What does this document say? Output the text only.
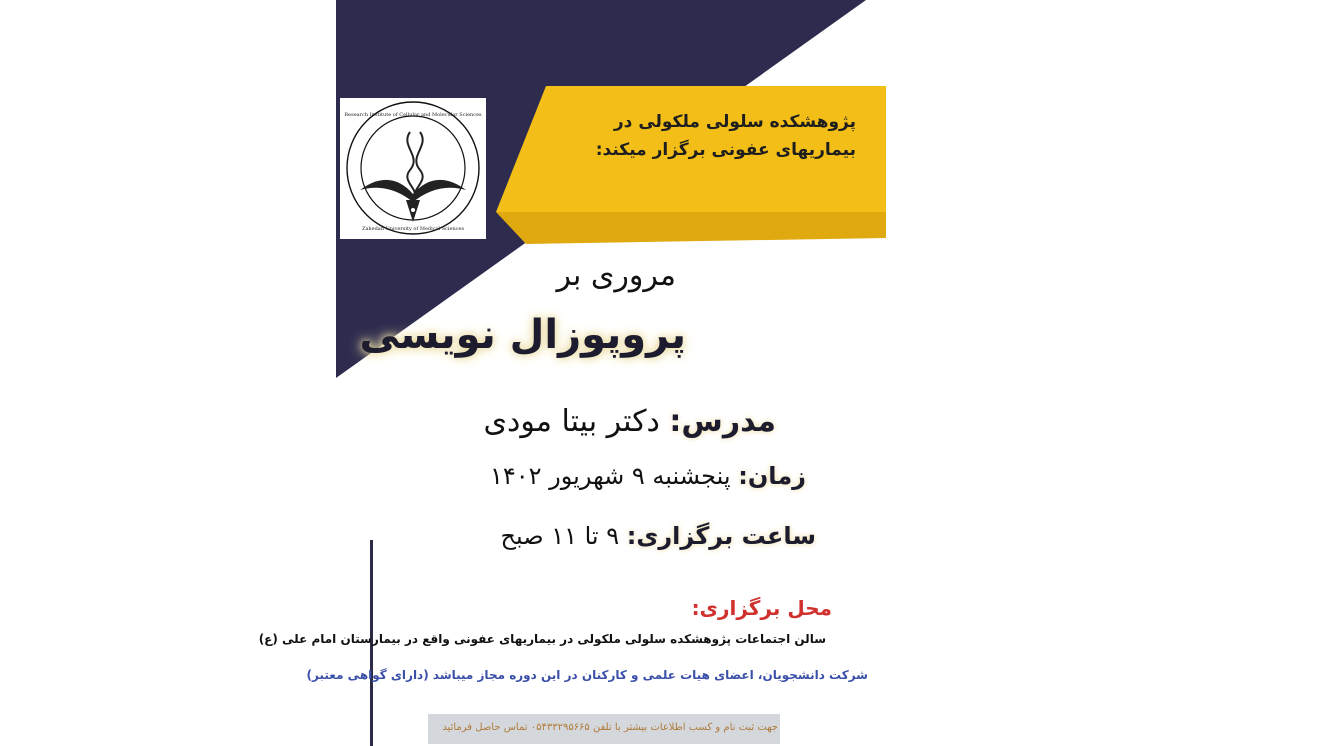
Research Institute of Cellular and Molecular Sciences
Zahedan University of Medical Sciences

پژوهشکده سلولی ملکولی در

بیماریهای عفونی برگزار میکند:

مروری بر

پروپوزال نویسی

مدرس: دکتر بیتا مودی
زمان: پنجشنبه ۹ شهریور ۱۴۰۲
ساعت برگزاری: ۹ تا ۱۱ صبح

محل برگزاری:

سالن اجتماعات پژوهشکده سلولی ملکولی در بیماریهای عفونی واقع در بیمارستان امام علی (ع)

شرکت دانشجویان، اعضای هیات علمی و کارکنان در این دوره مجاز میباشد (دارای گواهی معتبر)

جهت ثبت نام و کسب اطلاعات بیشتر با تلفن ۰۵۴۳۳۲۹۵۶۶۵ تماس حاصل فرمائید
